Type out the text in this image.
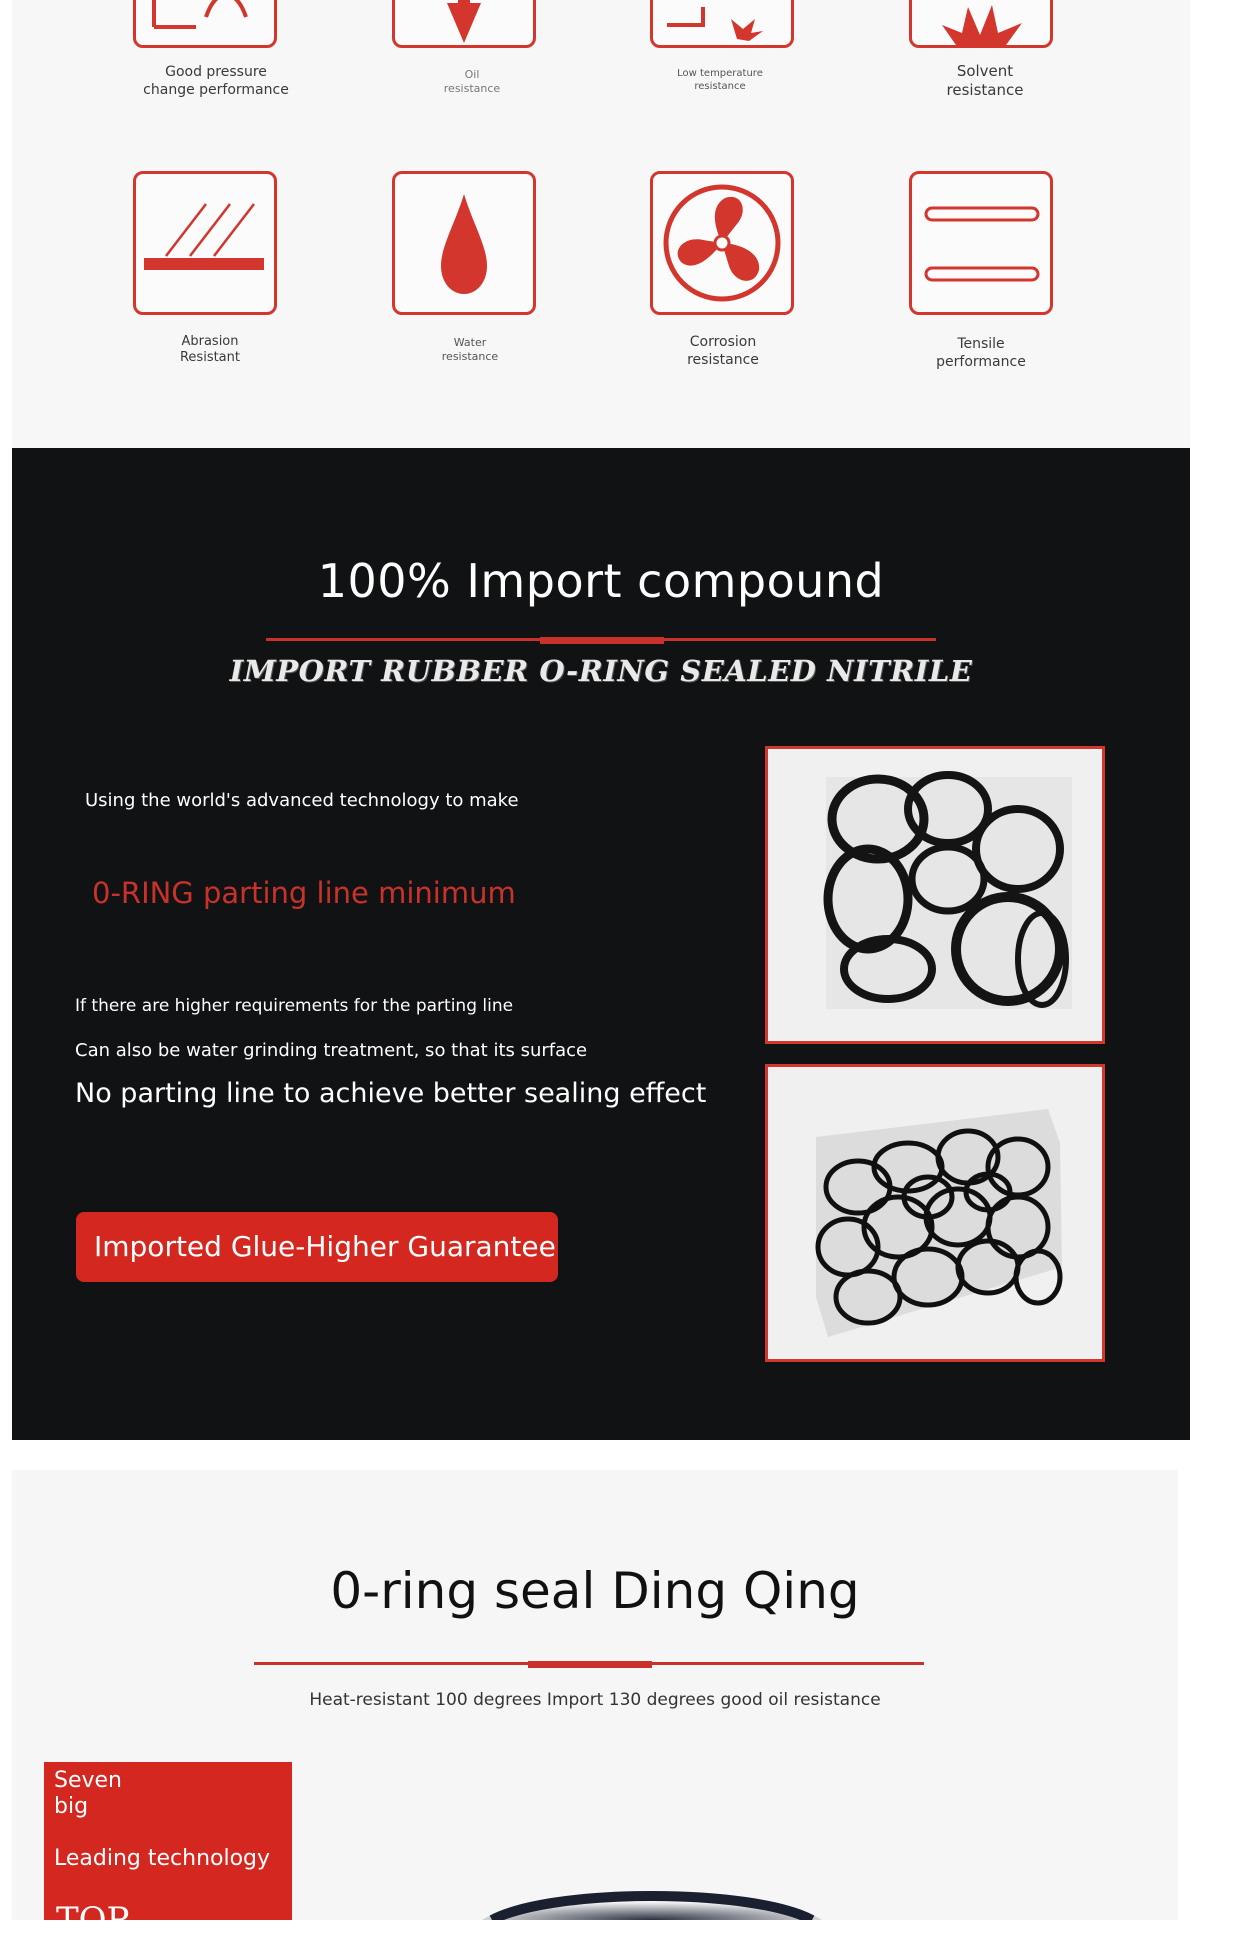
Good pressure
change performance
Oil
resistance
Low temperature
resistance
Solvent
resistance
Abrasion
Resistant
Water
resistance
Corrosion
resistance
Tensile
performance
100% Import compound
IMPORT RUBBER O-RING SEALED NITRILE
Using the world's advanced technology to make
0-RING parting line minimum
If there are higher requirements for the parting line
Can also be water grinding treatment, so that its surface
No parting line to achieve better sealing effect
Imported Glue-Higher Guarantee
0-ring seal Ding Qing
Heat-resistant 100 degrees Import 130 degrees good oil resistance
Seven
big
Leading technology
TOP
